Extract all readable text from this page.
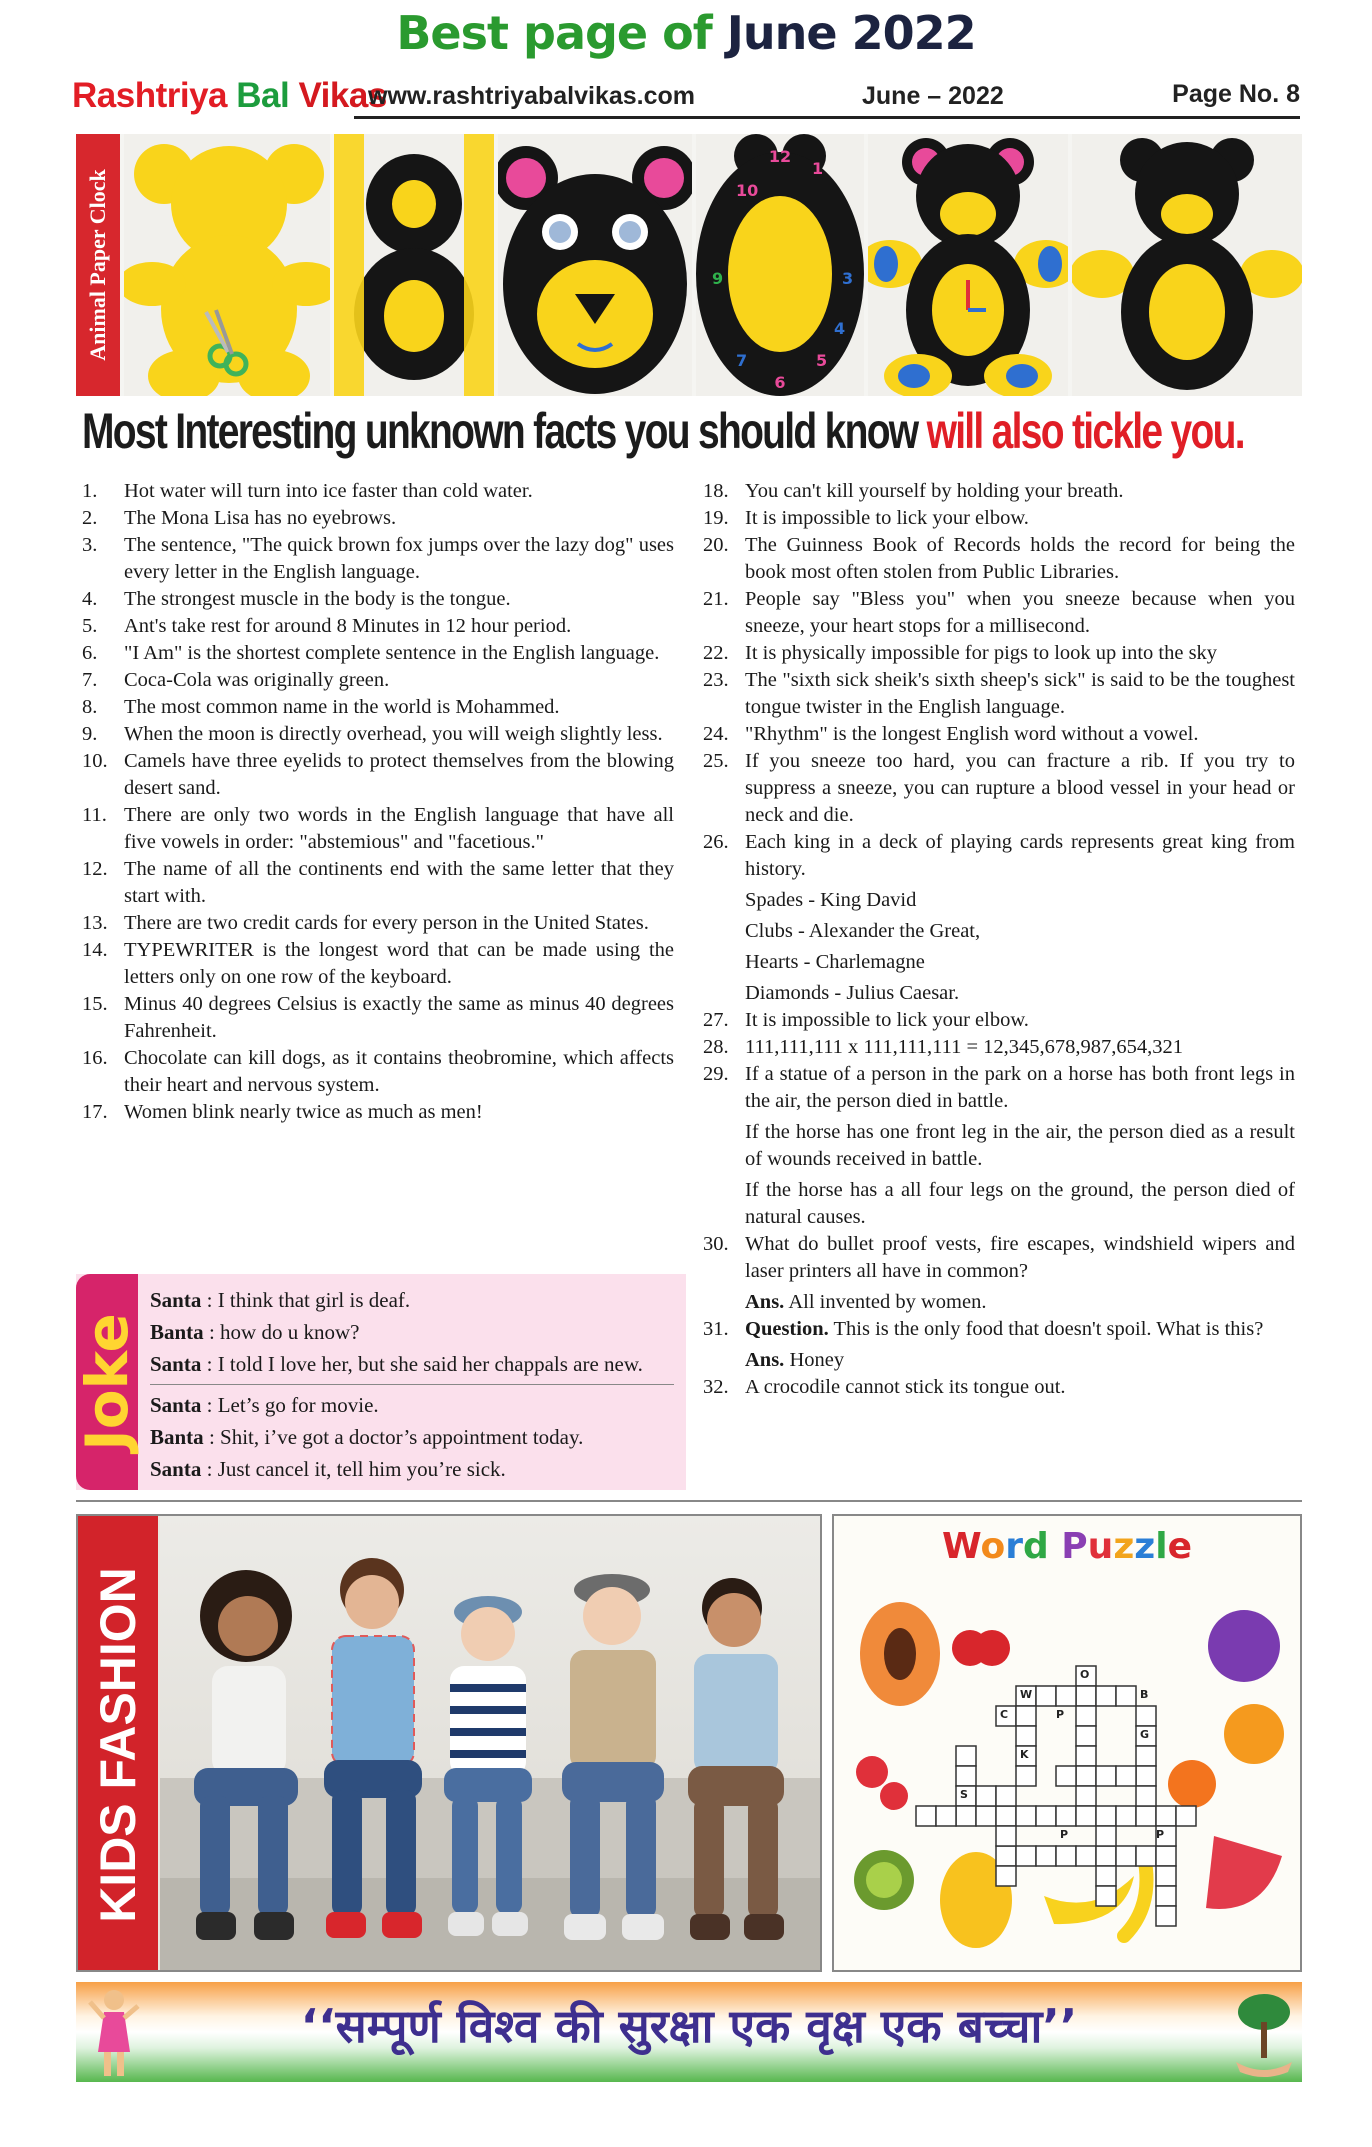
Best page of June 2022
Rashtriya Bal Vikas
www.rashtriyabalvikas.com	June – 2022	Page No. 8
Animal Paper Clock
12
1
10
9	3
7
6
5
4
Most Interesting unknown facts you should know will also tickle you.
1.	Hot water will turn into ice faster than cold water.
2.	The Mona Lisa has no eyebrows.
3.	The sentence, "The quick brown fox jumps over the lazy dog" uses every letter in the English language.
4.	The strongest muscle in the body is the tongue.
5.	Ant's take rest for around 8 Minutes in 12 hour period.
6.	"I Am" is the shortest complete sentence in the English language.
7.	Coca-Cola was originally green.
8.	The most common name in the world is Mohammed.
9.	When the moon is directly overhead, you will weigh slightly less.
10. Camels have three eyelids to protect themselves from the blowing desert sand.
11. There are only two words in the English language that have all five vowels in order: "abstemious" and "facetious."
12. The name of all the continents end with the same letter that they start with.
13. There are two credit cards for every person in the United States.
14. TYPEWRITER is the longest word that can be made using the letters only on one row of the keyboard.
15. Minus 40 degrees Celsius is exactly the same as minus 40 degrees Fahrenheit.
16. Chocolate can kill dogs, as it contains theobromine, which affects their heart and nervous system.
17. Women blink nearly twice as much as men!
18. You can't kill yourself by holding your breath.
19. It is impossible to lick your elbow.
20. The Guinness Book of Records holds the record for being the book most often stolen from Public Libraries.
21. People say "Bless you" when you sneeze because when you sneeze, your heart stops for a millisecond.
22. It is physically impossible for pigs to look up into the sky
23. The "sixth sick sheik's sixth sheep's sick" is said to be the toughest tongue twister in the English language.
24. "Rhythm" is the longest English word without a vowel.
25. If you sneeze too hard, you can fracture a rib. If you try to suppress a sneeze, you can rupture a blood vessel in your head or neck and die.
26. Each king in a deck of playing cards represents great king from history.
Spades - King David
Clubs - Alexander the Great,
Hearts - Charlemagne
Diamonds - Julius Caesar.
27. It is impossible to lick your elbow.
28. 111,111,111 x 111,111,111 = 12,345,678,987,654,321
29. If a statue of a person in the park on a horse has both front legs in the air, the person died in battle.
If the horse has one front leg in the air, the person died as a result of wounds received in battle.
If the horse has a all four legs on the ground, the person died of natural causes.
30. What do bullet proof vests, fire escapes, windshield wipers and laser printers all have in common?
Ans. All invented by women.
31. Question. This is the only food that doesn't spoil. What is this?
Ans. Honey
32. A crocodile cannot stick its tongue out.
Joke
Santa : I think that girl is deaf.
Banta : how do u know?
Santa : I told I love her, but she said her chappals are new.
Santa : Let’s go for movie.
Banta : Shit, i’ve got a doctor’s appointment today.
Santa : Just cancel it, tell him you’re sick.
KIDS FASHION
Word Puzzle
O
W	B
P
C
G
K
S
P	P
‘‘सम्पूर्ण विश्व की सुरक्षा एक वृक्ष एक बच्चा’’
